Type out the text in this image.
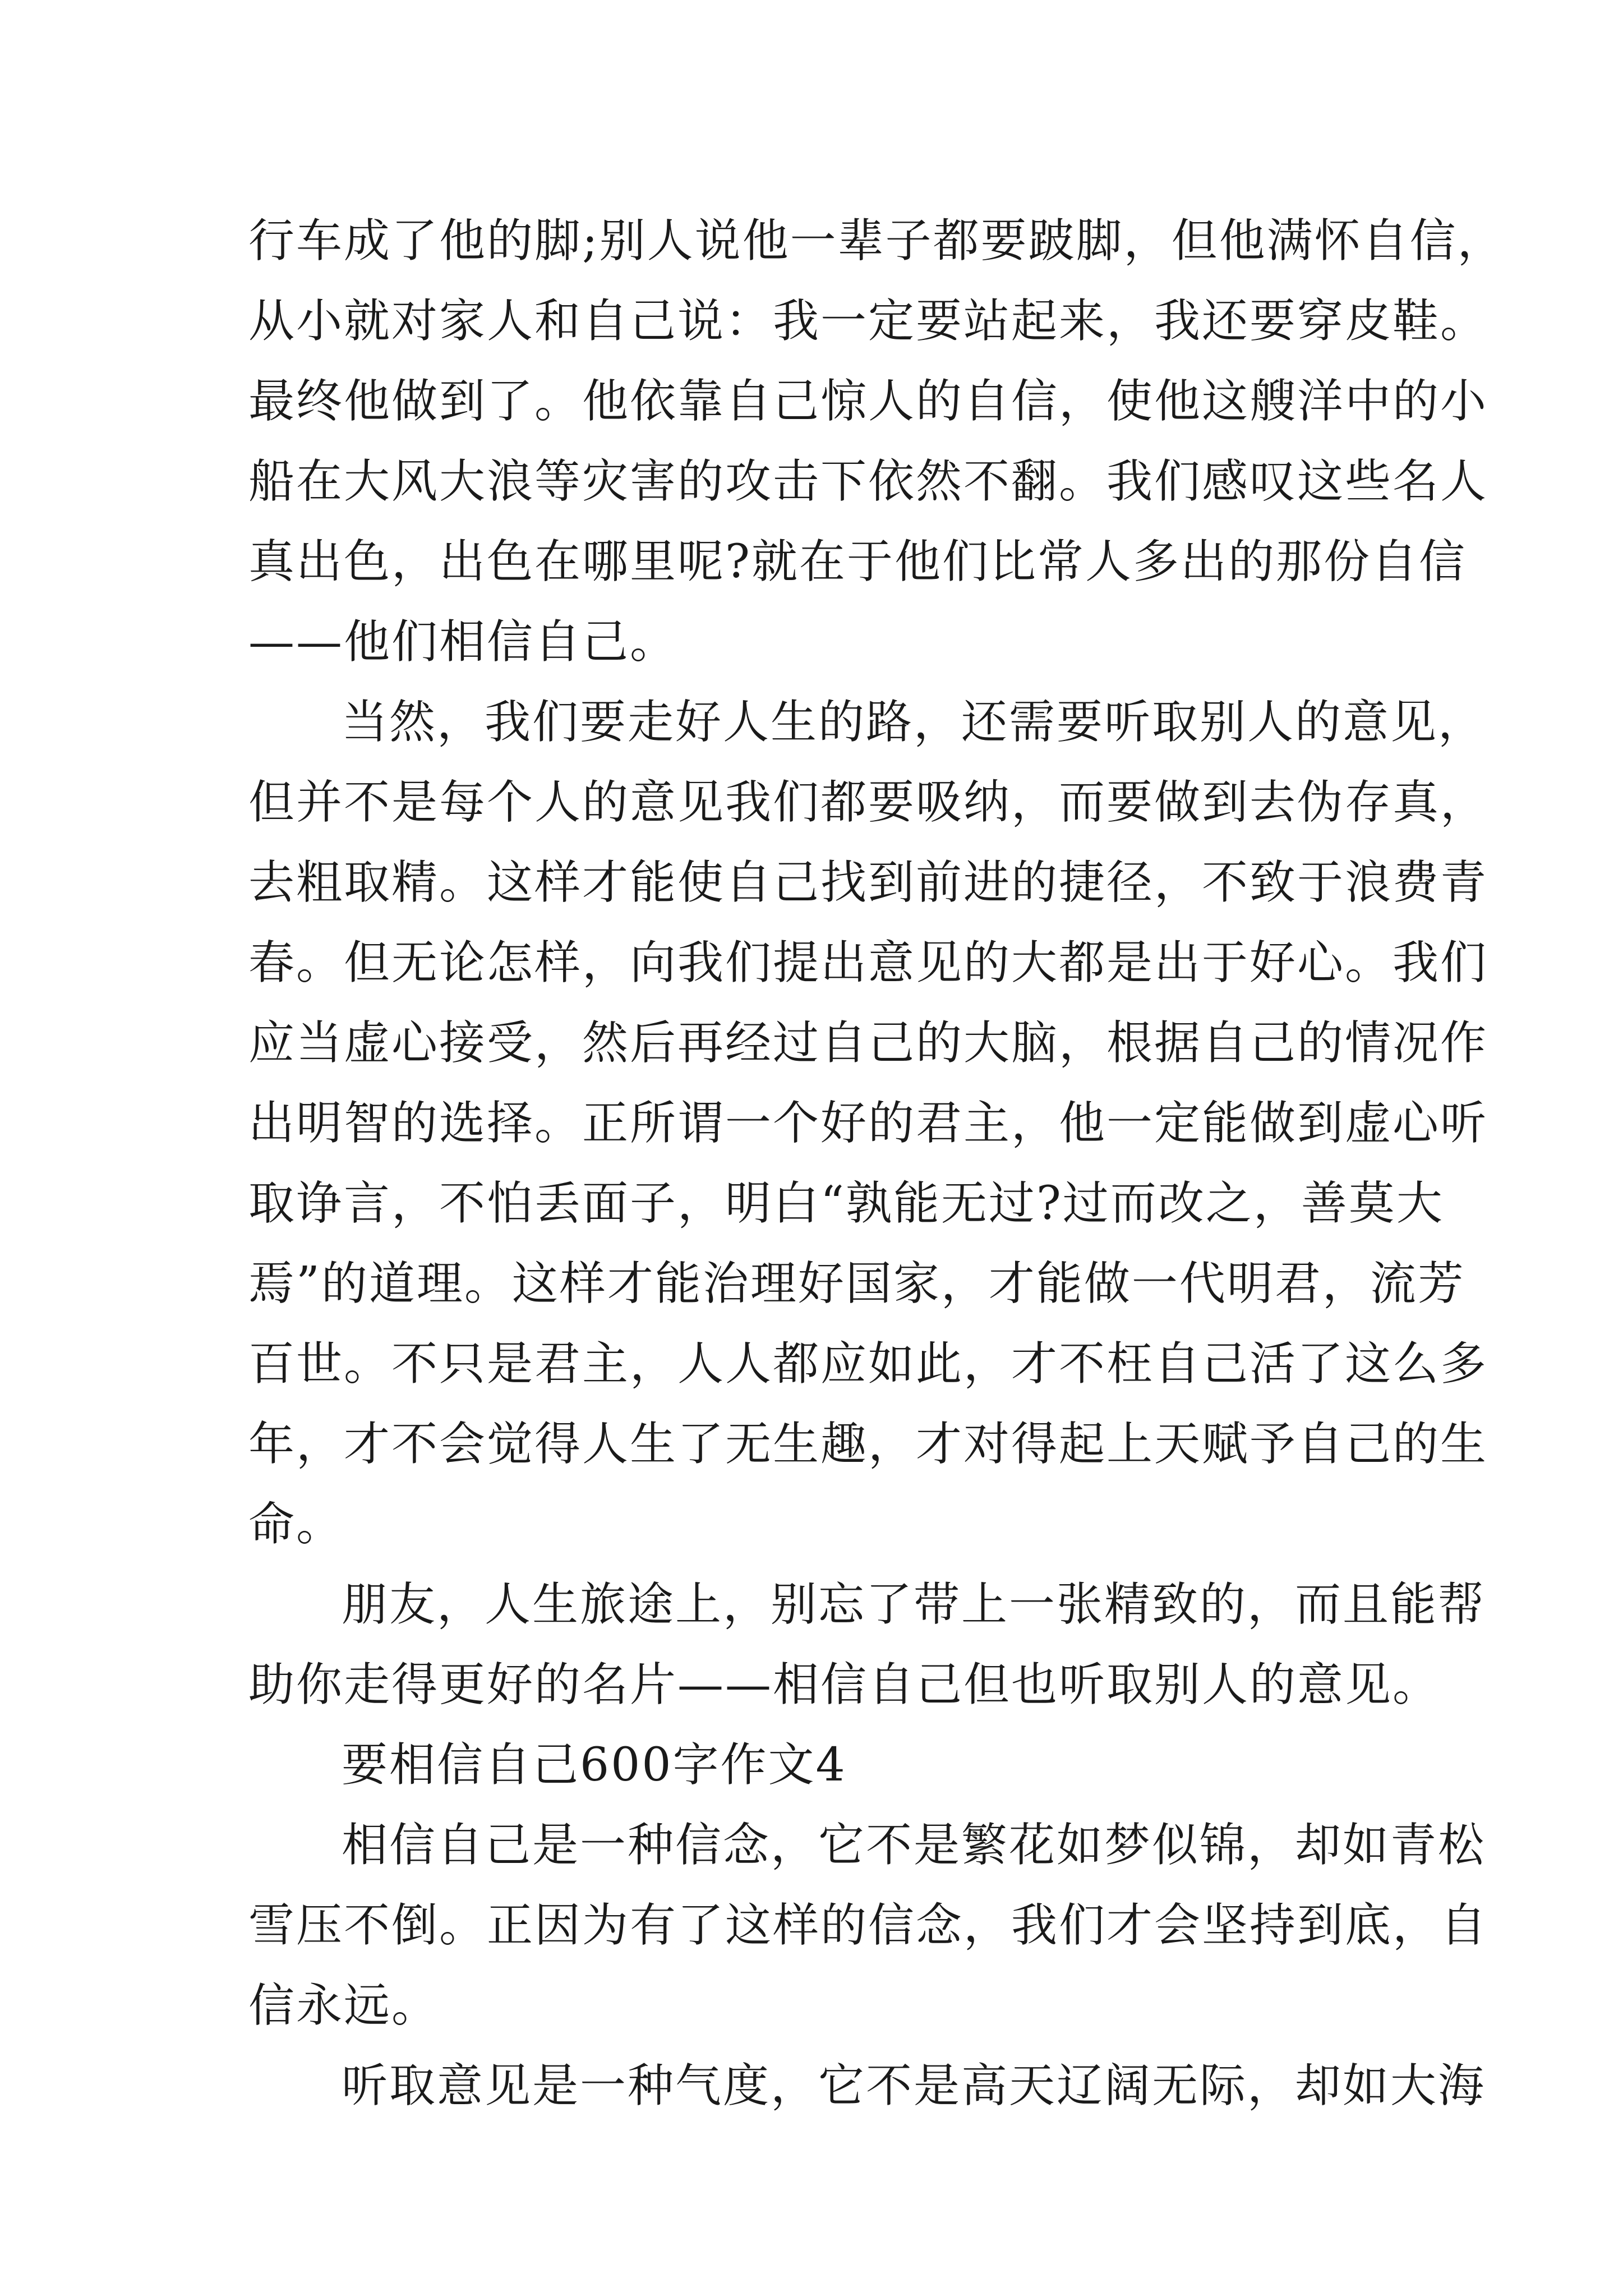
行车成了他的脚;别人说他一辈子都要跛脚，但他满怀自信，
从小就对家人和自己说：我一定要站起来，我还要穿皮鞋。
最终他做到了。他依靠自己惊人的自信，使他这艘洋中的小
船在大风大浪等灾害的攻击下依然不翻。我们感叹这些名人
真出色，出色在哪里呢?就在于他们比常人多出的那份自信
——他们相信自己。
当然，我们要走好人生的路，还需要听取别人的意见，
但并不是每个人的意见我们都要吸纳，而要做到去伪存真，
去粗取精。这样才能使自己找到前进的捷径，不致于浪费青
春。但无论怎样，向我们提出意见的大都是出于好心。我们
应当虚心接受，然后再经过自己的大脑，根据自己的情况作
出明智的选择。正所谓一个好的君主，他一定能做到虚心听
取诤言，不怕丢面子，明白“孰能无过?过而改之，善莫大
焉”的道理。这样才能治理好国家，才能做一代明君，流芳
百世。不只是君主，人人都应如此，才不枉自己活了这么多
年，才不会觉得人生了无生趣，才对得起上天赋予自己的生
命。
朋友，人生旅途上，别忘了带上一张精致的，而且能帮
助你走得更好的名片——相信自己但也听取别人的意见。
要相信自己600字作文4
相信自己是一种信念，它不是繁花如梦似锦，却如青松
雪压不倒。正因为有了这样的信念，我们才会坚持到底，自
信永远。
听取意见是一种气度，它不是高天辽阔无际，却如大海
